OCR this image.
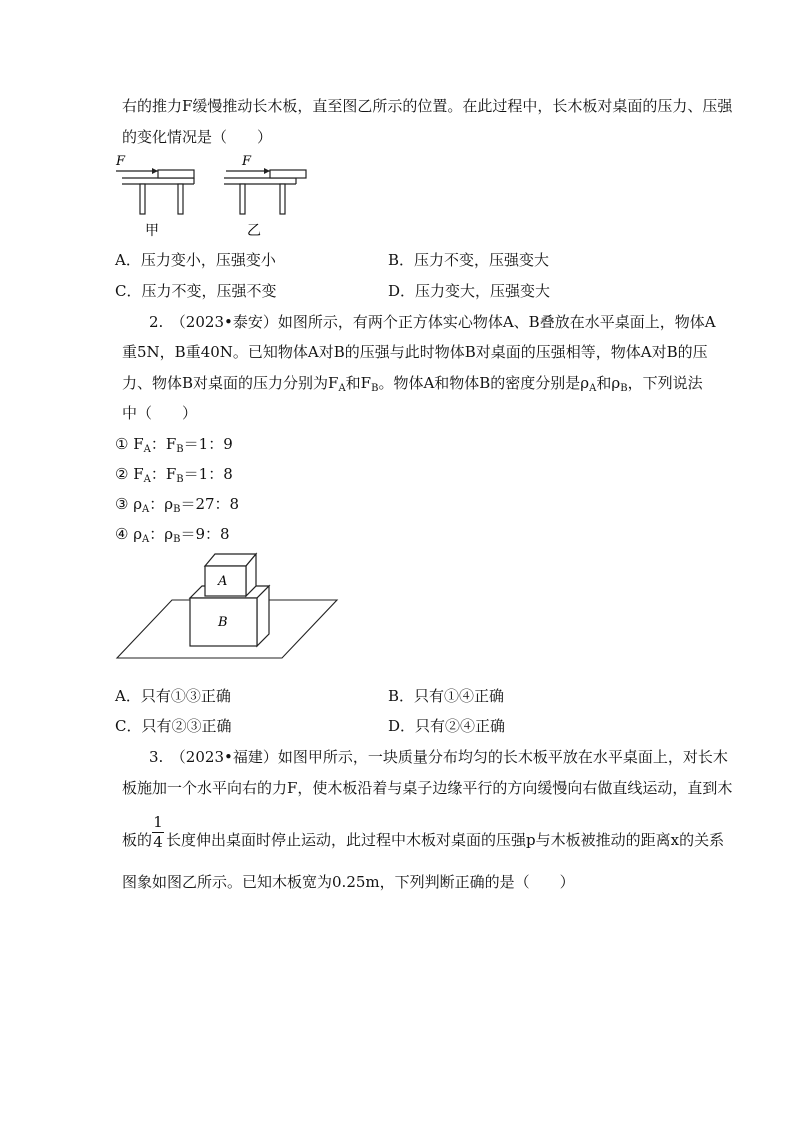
右的推力F缓慢推动长木板，直至图乙所示的位置。在此过程中，长木板对桌面的压力、压强
的变化情况是（　　）
F	F
甲	乙
A．压力变小，压强变小	B．压力不变，压强变大
C．压力不变，压强不变	D．压力变大，压强变大
2.　（2023•泰安）如图所示，有两个正方体实心物体A、B叠放在水平桌面上，物体A
重5N，B重40N。已知物体A对B的压强与此时物体B对桌面的压强相等，物体A对B的压
力、物体B对桌面的压力分别为$F_A$和$F_B$。物体A和物体B的密度分别是$\rho_A$和$\rho_B$，下列说法
中（　　）
① $F_A$：$F_B=1$：9
② $F_A$：$F_B=1$：8
③ $\rho_A$：$\rho_B=27$：8
④ $\rho_A$：$\rho_B=9$：8
A
B
A．只有①③正确	B．只有①④正确
C．只有②③正确	D．只有②④正确
3.　（2023•福建）如图甲所示，一块质量分布均匀的长木板平放在水平桌面上，对长木
板施加一个水平向右的力F，使木板沿着与桌子边缘平行的方向缓慢向右做直线运动，直到木
板的
1
4 长度伸出桌面时停止运动，此过程中木板对桌面的压强p与木板被推动的距离x的关系
图象如图乙所示。已知木板宽为0.25m，下列判断正确的是（　　）
